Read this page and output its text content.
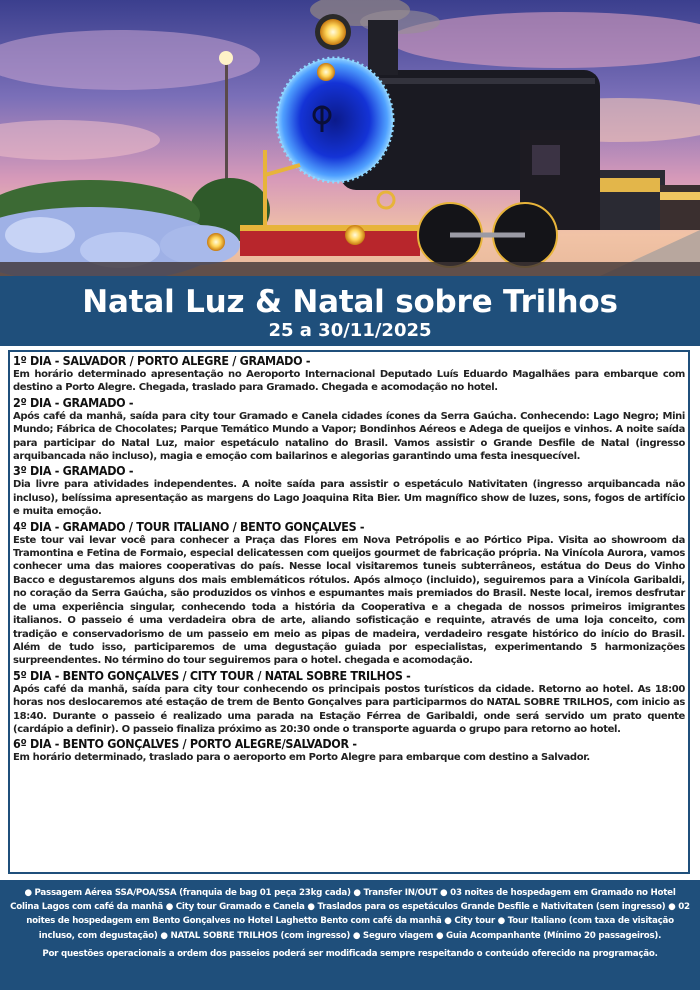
Natal Luz & Natal sobre Trilhos
25 a 30/11/2025
1º DIA - SALVADOR / PORTO ALEGRE / GRAMADO -
Em horário determinado apresentação no Aeroporto Internacional Deputado Luís Eduardo Magalhães para embarque com destino a Porto Alegre. Chegada, traslado para Gramado. Chegada e acomodação no hotel.
2º DIA - GRAMADO -
Após café da manhã, saída para city tour Gramado e Canela cidades ícones da Serra Gaúcha. Conhecendo: Lago Negro; Mini Mundo; Fábrica de Chocolates; Parque Temático Mundo a Vapor; Bondinhos Aéreos e Adega de queijos e vinhos. A noite saída para participar do Natal Luz, maior espetáculo natalino do Brasil. Vamos assistir o Grande Desfile de Natal (ingresso arquibancada não incluso), magia e emoção com bailarinos e alegorias garantindo uma festa inesquecível.
3º DIA - GRAMADO -
Dia livre para atividades independentes. A noite saída para assistir o espetáculo Nativitaten (ingresso arquibancada não incluso), belíssima apresentação as margens do Lago Joaquina Rita Bier. Um magnífico show de luzes, sons, fogos de artifício e muita emoção.
4º DIA - GRAMADO / TOUR ITALIANO / BENTO GONÇALVES -
Este tour vai levar você para conhecer a Praça das Flores em Nova Petrópolis e ao Pórtico Pipa. Visita ao showroom da Tramontina e Fetina de Formaio, especial delicatessen com queijos gourmet de fabricação própria. Na Vinícola Aurora, vamos conhecer uma das maiores cooperativas do país. Nesse local visitaremos tuneis subterrâneos, estátua do Deus do Vinho Bacco e degustaremos alguns dos mais emblemáticos rótulos. Após almoço (incluido), seguiremos para a Vinícola Garibaldi, no coração da Serra Gaúcha, são produzidos os vinhos e espumantes mais premiados do Brasil. Neste local, iremos desfrutar de uma experiência singular, conhecendo toda a história da Cooperativa e a chegada de nossos primeiros imigrantes italianos. O passeio é uma verdadeira obra de arte, aliando sofisticação e requinte, através de uma loja conceito, com tradição e conservadorismo de um passeio em meio as pipas de madeira, verdadeiro resgate histórico do início do Brasil. Além de tudo isso, participaremos de uma degustação guiada por especialistas, experimentando 5 harmonizações surpreendentes. No término do tour seguiremos para o hotel. chegada e acomodação.
5º DIA - BENTO GONÇALVES / CITY TOUR / NATAL SOBRE TRILHOS -
Após café da manhã, saída para city tour conhecendo os principais postos turísticos da cidade. Retorno ao hotel. As 18:00 horas nos deslocaremos até estação de trem de Bento Gonçalves para participarmos do NATAL SOBRE TRILHOS, com inicio as 18:40. Durante o passeio é realizado uma parada na Estação Férrea de Garibaldi, onde será servido um prato quente (cardápio a definir). O passeio finaliza próximo as 20:30 onde o transporte aguarda o grupo para retorno ao hotel.
6º DIA - BENTO GONÇALVES / PORTO ALEGRE/SALVADOR -
Em horário determinado, traslado para o aeroporto em Porto Alegre para embarque com destino a Salvador.
● Passagem Aérea SSA/POA/SSA (franquia de bag 01 peça 23kg cada) ● Transfer IN/OUT ● 03 noites de hospedagem em Gramado no Hotel Colina Lagos com café da manhã ● City tour Gramado e Canela ● Traslados para os espetáculos Grande Desfile e Nativitaten (sem ingresso) ● 02 noites de hospedagem em Bento Gonçalves no Hotel Laghetto Bento com café da manhã ● City tour ● Tour Italiano (com taxa de visitação incluso, com degustação) ● NATAL SOBRE TRILHOS (com ingresso) ● Seguro viagem ● Guia Acompanhante (Mínimo 20 passageiros).
Por questões operacionais a ordem dos passeios poderá ser modificada sempre respeitando o conteúdo oferecido na programação.
